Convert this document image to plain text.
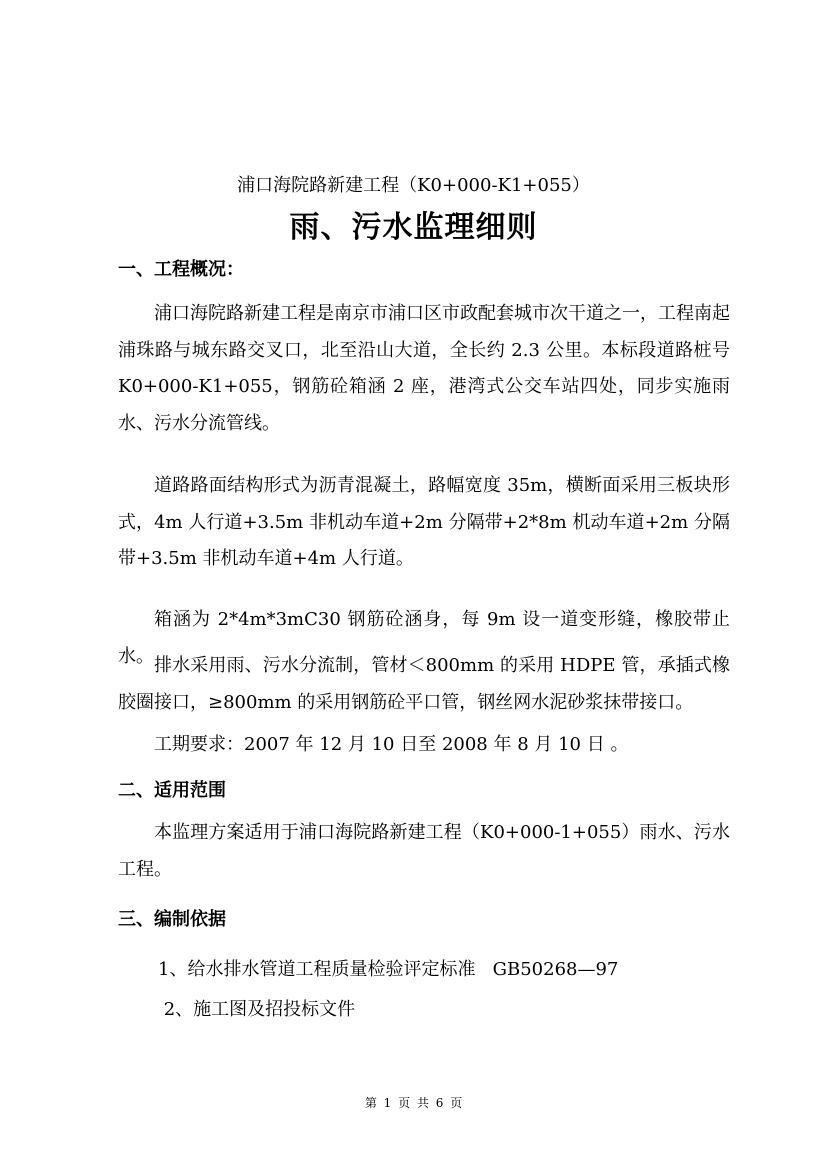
浦口海院路新建工程（K0+000-K1+055）
雨、污水监理细则
一、工程概况：

浦口海院路新建工程是南京市浦口区市政配套城市次干道之一，工程南起浦珠路与城东路交叉口，北至沿山大道，全长约 2.3 公里。本标段道路桩号 K0+000-K1+055，钢筋砼箱涵 2 座，港湾式公交车站四处，同步实施雨水、污水分流管线。

道路路面结构形式为沥青混凝土，路幅宽度 35m，横断面采用三板块形式，4m 人行道+3.5m 非机动车道+2m 分隔带+2*8m 机动车道+2m 分隔带+3.5m 非机动车道+4m 人行道。

箱涵为 2*4m*3mC30 钢筋砼涵身，每 9m 设一道变形缝，橡胶带止水。 排水采用雨、污水分流制，管材＜800mm 的采用 HDPE 管，承插式橡胶圈接口，≥800mm 的采用钢筋砼平口管，钢丝网水泥砂浆抹带接口。

工期要求：2007 年 12 月 10 日至 2008 年 8 月 10 日 。

二、适用范围

本监理方案适用于浦口海院路新建工程（K0+000-1+055）雨水、污水工程。

三、编制依据
1、给水排水管道工程质量检验评定标准   GB50268—97
2、施工图及招投标文件
第 1 页 共 6 页
